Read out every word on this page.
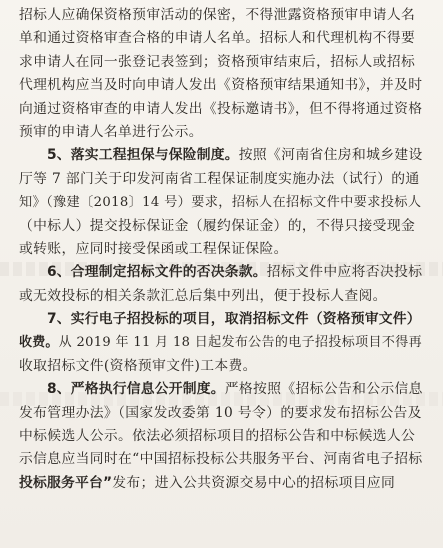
招标人应确保资格预审活动的保密，不得泄露资格预审申请人名
单和通过资格审查合格的申请人名单。招标人和代理机构不得要
求申请人在同一张登记表签到；资格预审结束后，招标人或招标
代理机构应当及时向申请人发出《资格预审结果通知书》，并及时
向通过资格审查的申请人发出《投标邀请书》，但不得将通过资格
预审的申请人名单进行公示。
5、落实工程担保与保险制度。按照《河南省住房和城乡建设
厅等 7 部门关于印发河南省工程保证制度实施办法（试行）的通
知》（豫建〔2018〕14 号）要求，招标人在招标文件中要求投标人
（中标人）提交投标保证金（履约保证金）的，不得只接受现金
或转账，应同时接受保函或工程保证保险。
6、合理制定招标文件的否决条款。招标文件中应将否决投标
或无效投标的相关条款汇总后集中列出，便于投标人查阅。
7、实行电子招投标的项目，取消招标文件（资格预审文件）
收费。从 2019 年 11 月 18 日起发布公告的电子招投标项目不得再
收取招标文件(资格预审文件)工本费。
8、严格执行信息公开制度。严格按照《招标公告和公示信息
发布管理办法》（国家发改委第 10 号令）的要求发布招标公告及
中标候选人公示。依法必须招标项目的招标公告和中标候选人公
示信息应当同时在“中国招标投标公共服务平台、河南省电子招标
投标服务平台”发布；进入公共资源交易中心的招标项目应同
